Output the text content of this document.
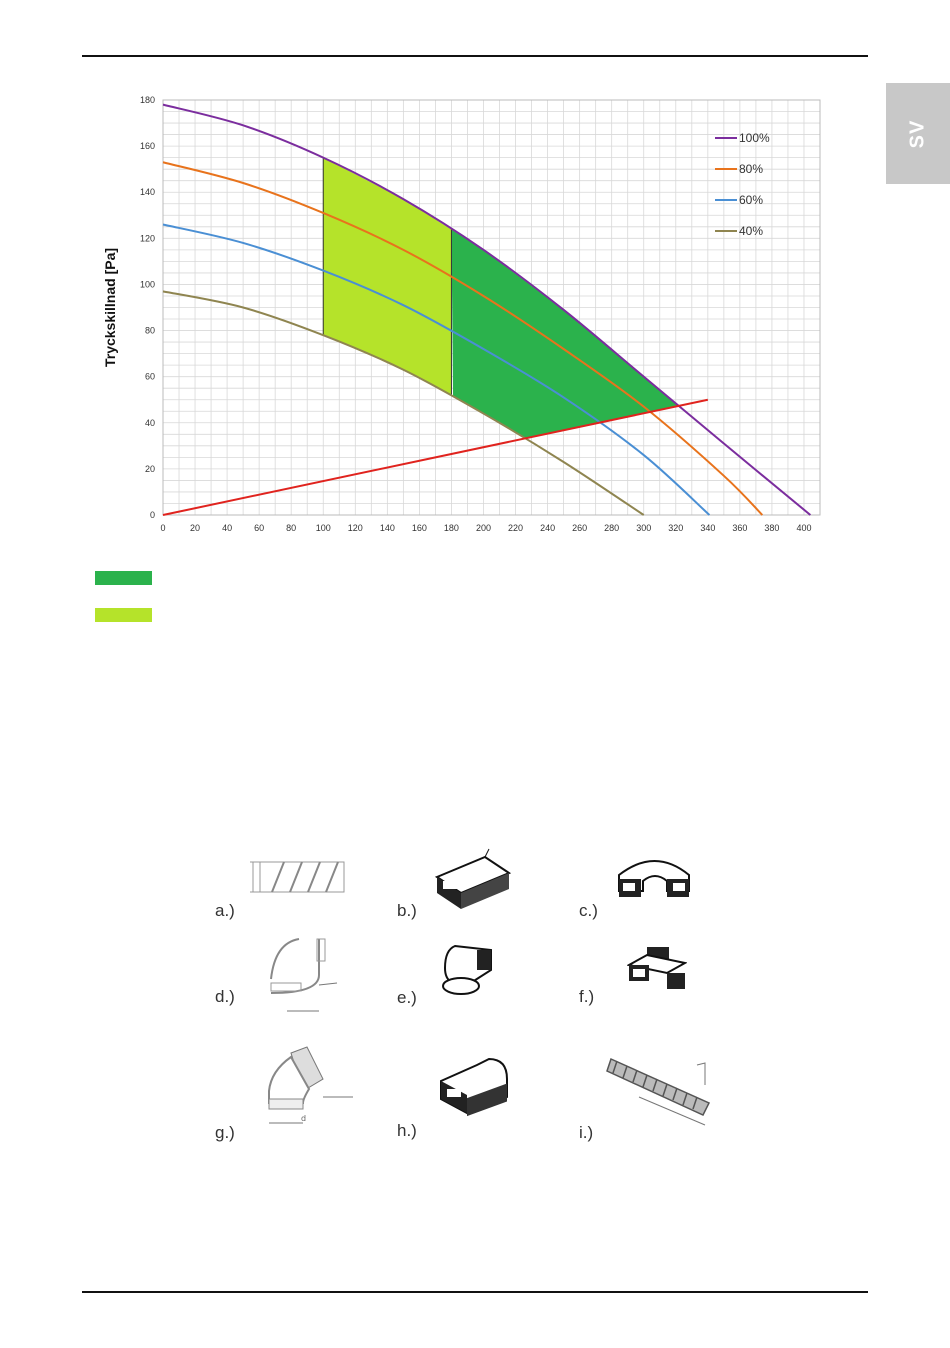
SV
0	20 40 60 80 100 120 140 160 180 200 220 240 260 280 300 320 340 360 380 400
0
20
40
60
80
100
120
140
160
180
Tryckskillnad [Pa]
100%
80%
60%
40%
a.)	b.)	c.)
d.)	e.)	f.)
d
g.)	h.)	i.)
